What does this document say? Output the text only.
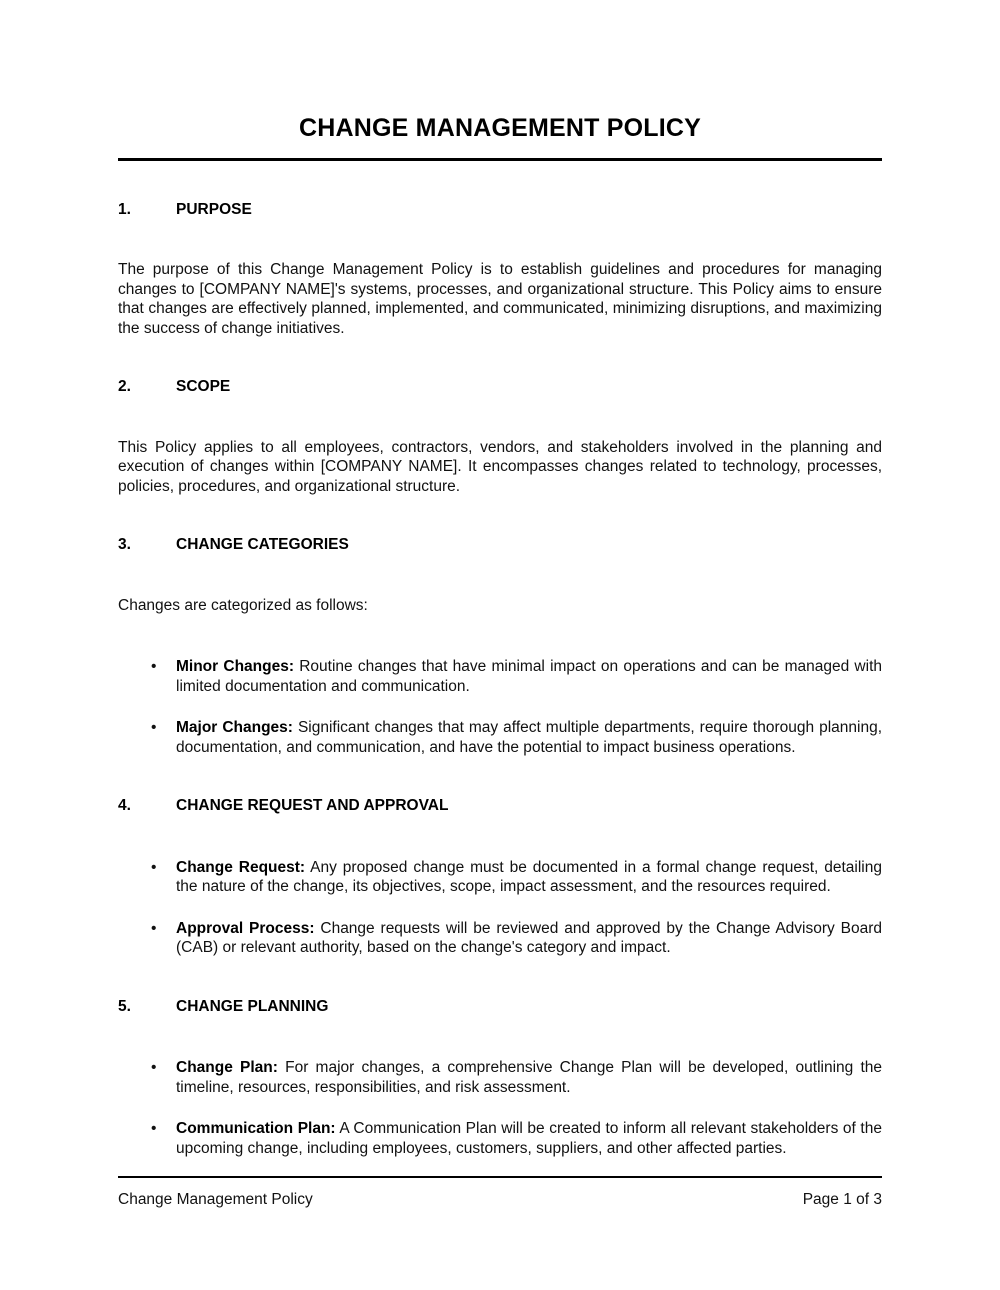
CHANGE MANAGEMENT POLICY
1.	PURPOSE

The purpose of this Change Management Policy is to establish guidelines and procedures for managing changes to [COMPANY NAME]'s systems, processes, and organizational structure. This Policy aims to ensure that changes are effectively planned, implemented, and communicated, minimizing disruptions, and maximizing the success of change initiatives.

2.	SCOPE

This Policy applies to all employees, contractors, vendors, and stakeholders involved in the planning and execution of changes within [COMPANY NAME]. It encompasses changes related to technology, processes, policies, procedures, and organizational structure.

3.	CHANGE CATEGORIES

Changes are categorized as follows:

•	Minor Changes: Routine changes that have minimal impact on operations and can be managed with limited documentation and communication.
•	Major Changes: Significant changes that may affect multiple departments, require thorough planning, documentation, and communication, and have the potential to impact business operations.
4.	CHANGE REQUEST AND APPROVAL
•	Change Request: Any proposed change must be documented in a formal change request, detailing the nature of the change, its objectives, scope, impact assessment, and the resources required.
•	Approval Process: Change requests will be reviewed and approved by the Change Advisory Board (CAB) or relevant authority, based on the change's category and impact.
5.	CHANGE PLANNING
•	Change Plan: For major changes, a comprehensive Change Plan will be developed, outlining the timeline, resources, responsibilities, and risk assessment.
•	Communication Plan: A Communication Plan will be created to inform all relevant stakeholders of the upcoming change, including employees, customers, suppliers, and other affected parties.
Change Management Policy	Page 1 of 3
